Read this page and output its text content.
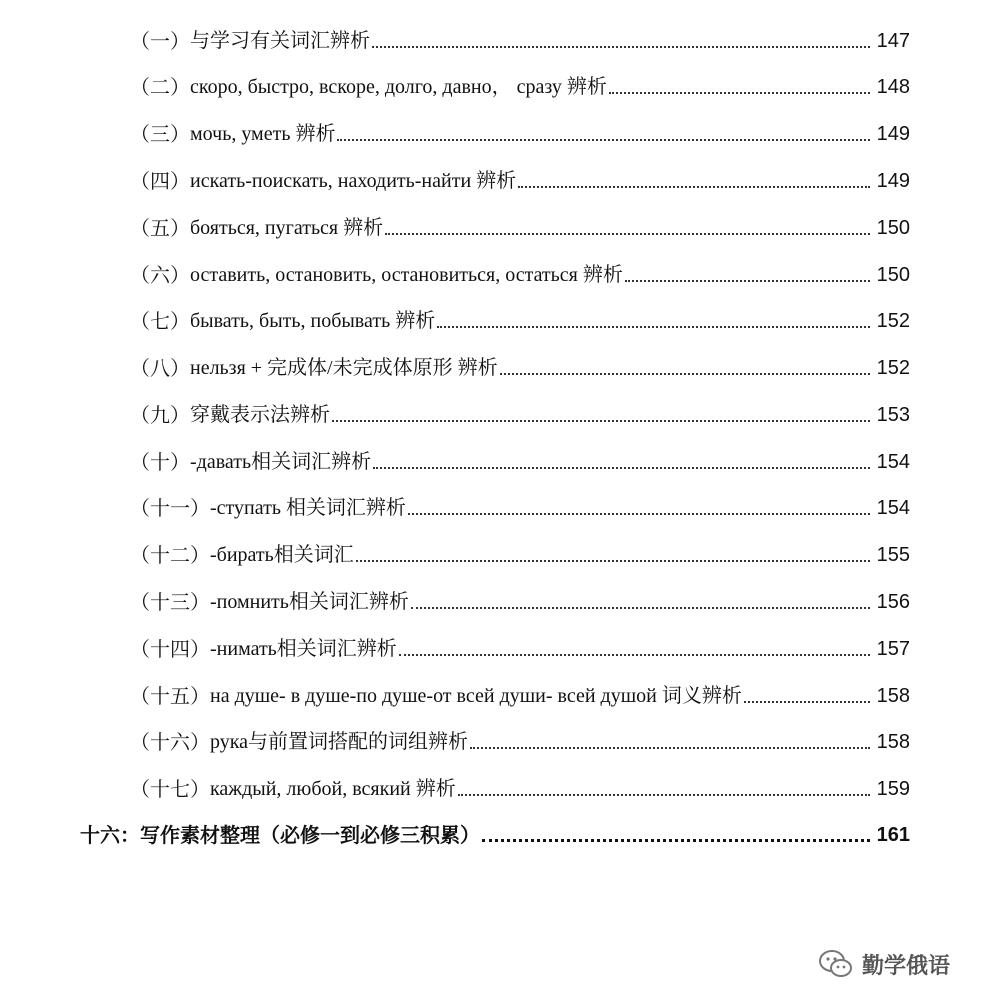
（一） 与学习有关词汇辨析	147
（二） скоро, быстро, вскоре, долго, давно， сразу 辨析	148
（三） мочь, уметь 辨析	149
（四） искать-поискать, находить-найти 辨析	149
（五） бояться, пугаться 辨析	150
（六） оставить, остановить, остановиться, остаться 辨析	150
（七） бывать, быть, побывать 辨析	152
（八） нельзя + 完成体/未完成体原形 辨析	152
（九） 穿戴表示法辨析	153
（十） -давать相关词汇辨析	154
（十一） -ступать 相关词汇辨析	154
（十二） -бирать相关词汇	155
（十三） -помнить相关词汇辨析	156
（十四） -нимать相关词汇辨析	157
（十五） на душе- в душе-по душе-от всей души- всей душой 词义辨析	158
（十六） рука与前置词搭配的词组辨析	158
（十七） каждый, любой, всякий 辨析	159
十六： 写作素材整理（必修一到必修三积累）	161
勤学俄语
